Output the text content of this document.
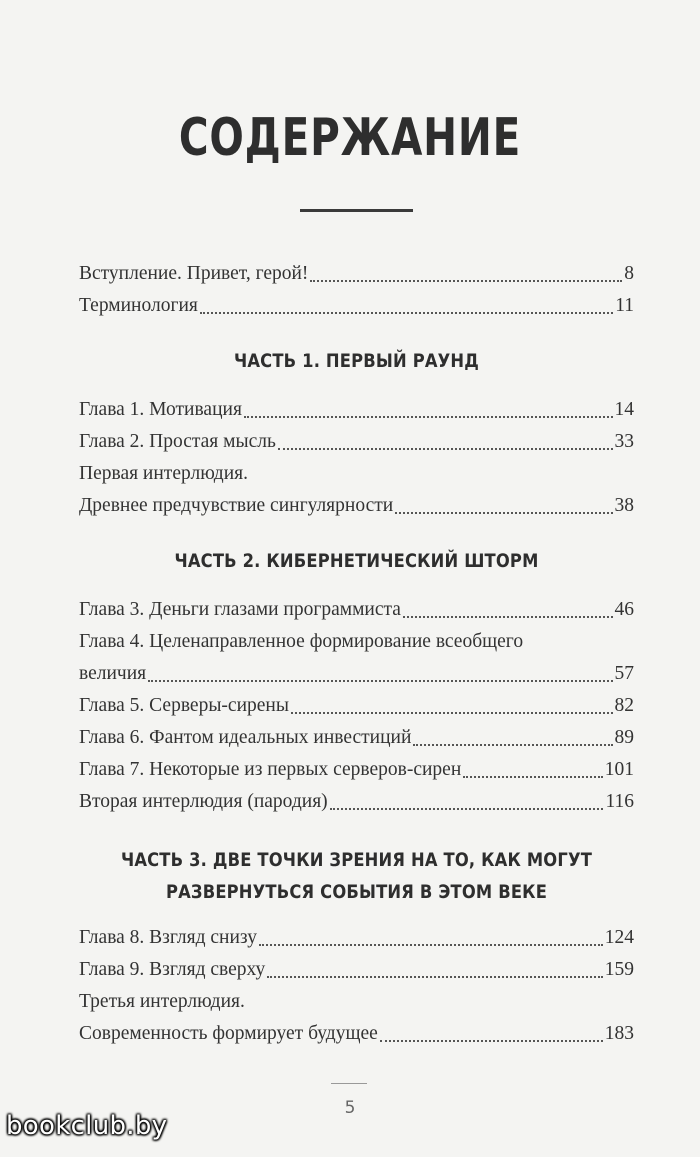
СОДЕРЖАНИЕ
Вступление. Привет, герой!	8
Терминология	11
ЧАСТЬ 1. ПЕРВЫЙ РАУНД
Глава 1. Мотивация	14
Глава 2. Простая мысль	33
Первая интерлюдия.
Древнее предчувствие сингулярности	38
ЧАСТЬ 2. КИБЕРНЕТИЧЕСКИЙ ШТОРМ
Глава 3. Деньги глазами программиста	46
Глава 4. Целенаправленное формирование всеобщего
величия	57
Глава 5. Серверы-сирены	82
Глава 6. Фантом идеальных инвестиций	89
Глава 7. Некоторые из первых серверов-сирен	101
Вторая интерлюдия (пародия)	116
ЧАСТЬ 3. ДВЕ ТОЧКИ ЗРЕНИЯ НА ТО, КАК МОГУТ
РАЗВЕРНУТЬСЯ СОБЫТИЯ В ЭТОМ ВЕКЕ
Глава 8. Взгляд снизу	124
Глава 9. Взгляд сверху	159
Третья интерлюдия.
Современность формирует будущее	183
5
bookclub.by
